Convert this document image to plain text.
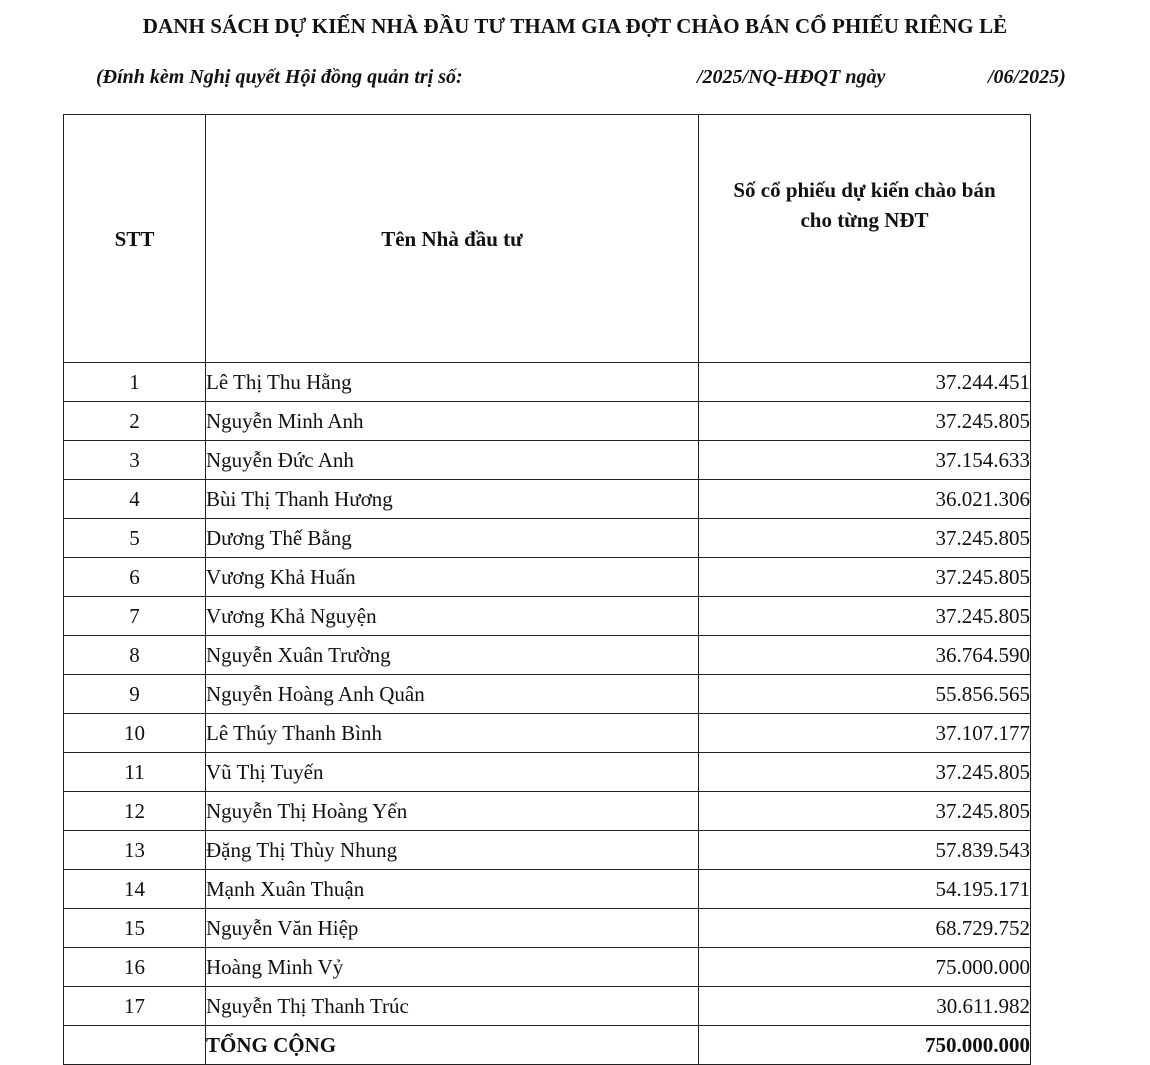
DANH SÁCH DỰ KIẾN NHÀ ĐẦU TƯ THAM GIA ĐỢT CHÀO BÁN CỔ PHIẾU RIÊNG LẺ
(Đính kèm Nghị quyết Hội đồng quản trị số:	/2025/NQ-HĐQT ngày	/06/2025)
STT	Tên Nhà đầu tư	Số cổ phiếu dự kiến chào bán cho từng NĐT
1	Lê Thị Thu Hằng	37.244.451
2	Nguyễn Minh Anh	37.245.805
3	Nguyễn Đức Anh	37.154.633
4	Bùi Thị Thanh Hương	36.021.306
5	Dương Thế Bằng	37.245.805
6	Vương Khả Huấn	37.245.805
7	Vương Khả Nguyện	37.245.805
8	Nguyễn Xuân Trường	36.764.590
9	Nguyễn Hoàng Anh Quân	55.856.565
10	Lê Thúy Thanh Bình	37.107.177
11	Vũ Thị Tuyến	37.245.805
12	Nguyễn Thị Hoàng Yến	37.245.805
13	Đặng Thị Thùy Nhung	57.839.543
14	Mạnh Xuân Thuận	54.195.171
15	Nguyễn Văn Hiệp	68.729.752
16	Hoàng Minh Vỷ	75.000.000
17	Nguyễn Thị Thanh Trúc	30.611.982
	TỔNG CỘNG	750.000.000
